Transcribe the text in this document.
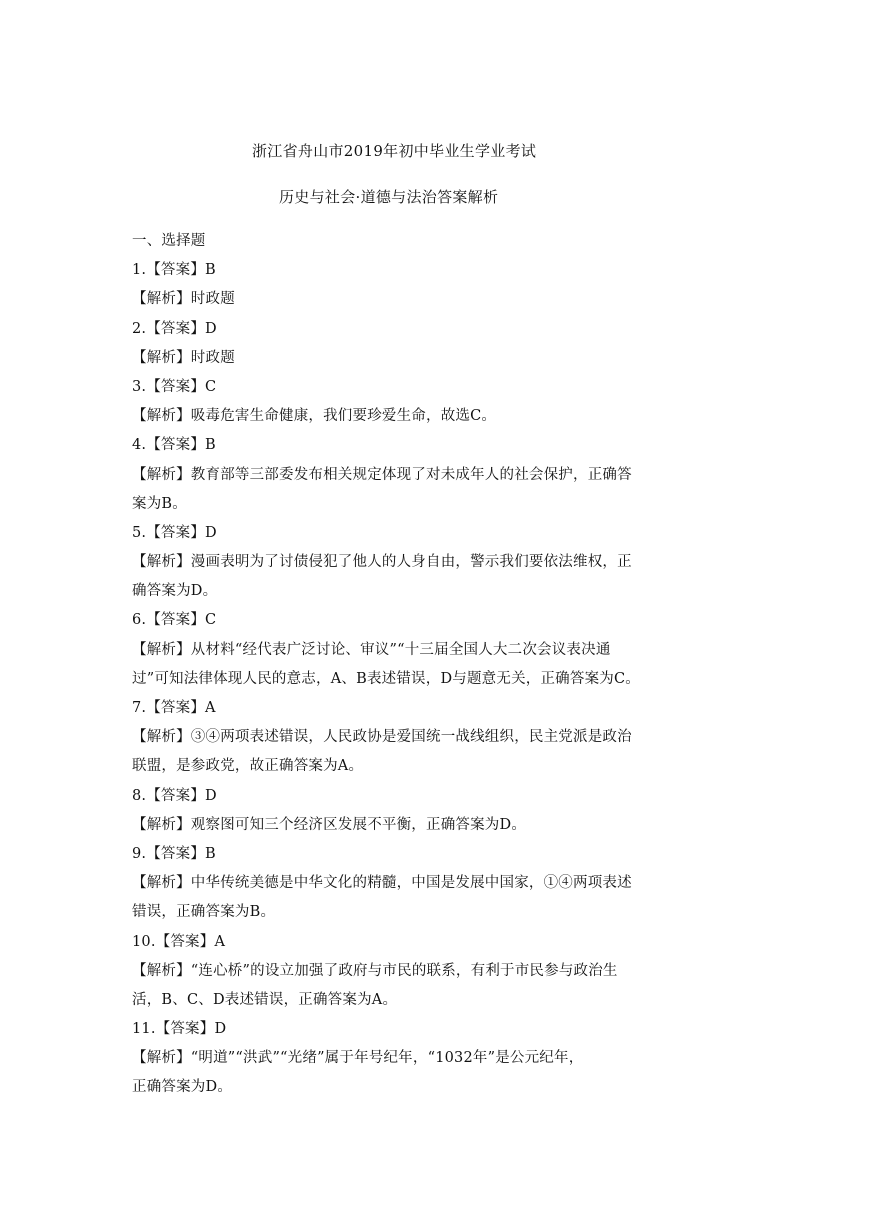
浙江省舟山市2019年初中毕业生学业考试
历史与社会·道德与法治答案解析
一、选择题
1.【答案】B
【解析】时政题
2.【答案】D
【解析】时政题
3.【答案】C
【解析】吸毒危害生命健康，我们要珍爱生命，故选C。
4.【答案】B
【解析】教育部等三部委发布相关规定体现了对未成年人的社会保护，正确答
案为B。
5.【答案】D
【解析】漫画表明为了讨债侵犯了他人的人身自由，警示我们要依法维权，正
确答案为D。
6.【答案】C
【解析】从材料“经代表广泛讨论、审议”“十三届全国人大二次会议表决通
过”可知法律体现人民的意志，A、B表述错误，D与题意无关，正确答案为C。
7.【答案】A
【解析】③④两项表述错误，人民政协是爱国统一战线组织，民主党派是政治
联盟，是参政党，故正确答案为A。
8.【答案】D
【解析】观察图可知三个经济区发展不平衡，正确答案为D。
9.【答案】B
【解析】中华传统美德是中华文化的精髓，中国是发展中国家，①④两项表述
错误，正确答案为B。
10.【答案】A
【解析】“连心桥”的设立加强了政府与市民的联系，有利于市民参与政治生
活，B、C、D表述错误，正确答案为A。
11.【答案】D
【解析】“明道”“洪武”“光绪”属于年号纪年，“1032年”是公元纪年，
正确答案为D。
